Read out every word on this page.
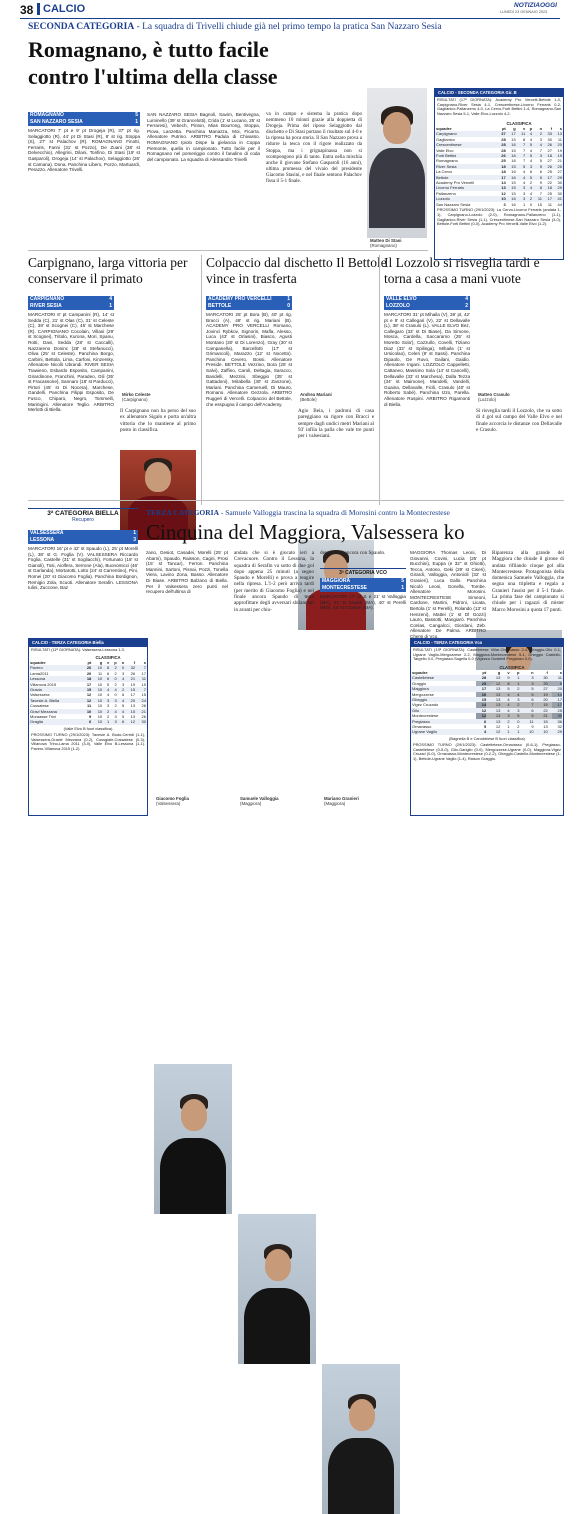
38 CALCIO	NOTIZIAOGGI
LUNEDÌ 23 GENNAIO 2023
SECONDA CATEGORIA - La squadra di Trivelli chiude già nel primo tempo la pratica San Nazzaro Sesia
Romagnano, è tutto facile
contro l'ultima della classe
ROMAGNANO	5
SAN NAZZARO SESIA	1
MARCATORI 7' pt e 9' pt Drogeja (R), 37' pt rig. Selaggiotto (R), 44' pt Di Stasi (R), 8' st rig. Stoppa (S), 27' st Palachov (R). ROMAGNANO Finotti, Ferraris, Fanni (31' st Pozzo), De Zuani (38' st Delvecchio), Allegrini, Dilani, Tonfino, Di Stasi (19' st Gasparoli), Drogeja (14' st Palachov), Selaggiotto (26' st Camana). Dona. Panchina Libero, Pozzo, Martuardi, Perazzo. Allenatore Trivelli.
SAN NAZZARO SESIA Bagnoli, Savim, Bentivegna, Luminello (39' st Grancelotti), Crida (1' st Lucano, 25' st Ferraresi), Vebech, Pinton, Mias Bourrong, Stoppa, Piova, Lanzetta. Panchina Manazza, Moi, Ficarra. Allenatore Putrino. ARBITRO Padula di Chivasso. ROMAGNANO Ipiolo Dispe la gielancia in Coppa Piemonte, quella in campionato. Tutto facile per il Romagnano nel pomeriggio contro il fanalino di coda del campionato. La squadra di Alessandro Trivelli
va in campo e sistema la pratica dopo nemmeno 10 minuti grazie alla doppietta di Drogeja. Prima del riposo Selaggiotto dal dischetto e Di Stasi portano il risultato sul 4-0 e la ripresa ha poca storia. Il San Nazzaro prova a ridurre la tesca con il rigore realizzato da Stoppa, ma i grignapinassa non si scompongono più di tanto. Entra nella mischia anche il giovane Stefano Gasparoli (16 anni), ultima promessa del vivaio del presidente Giacomo Stasini, e nel finale sentono Palachov fissa il 5-1 finale.
Matteo Di Stasi
(Romagnano)
CALCIO - SECONDA CATEGORIA Gir. B
RISULTATI (17ª GIORNATA): Academy Pro Vercelli-Bettole 1-0, Carpignano-River Sesia 4-1, Crescentinese-Livorno Ferraris 0-2, Gaglianico-Pallanzeno 4-0, La Cervo-Forti Bettini 1-4, Romagnano-San Nazzaro Sesia 5-1, Valle Elvo-Lozzolo 4-2.
CLASSIFICA
squadre	pt	g	v	p	n	f	s
Carpignano	37	17	11	4	2	33	13
Gaglianico	28	15	8	4	3	30	11
Crescentinese	28	16	7	5	4	26	20
Valle Elvo	28	15	7	4	7	27	19
Forti Bettini	26	16	7	5	3	18	19
Romagnano	25	16	7	4	5	27	21
River Sesia	18	15	5	3	5	26	25
La Cervo	18	16	4	6	6	25	27
Bettole	17	16	4	5	5	17	29
Academy Pro Vercelli	14	15	4	2	9	22	30
Livorno Ferraris	13	15	3	4	8	18	29
Pallanzeno	12	15	3	4	7	25	30
Lozzolo	10	16	3	2	11	17	41
San Nazzaro Sesia	3	16	1	0	15	11	44
PROSSIMO TURNO (29/1/2023): La Cervo-Livorno Ferraris (andata 1-1), Carpignano-Lozzolo (2-0), Romagnano-Pallanzeno (1-1), Gaglianico-River Sesia (1-1), Crescentinese-San Nazzaro Sesia (3-0), Bettole-Forti Bettini (0-0), Academy Pro Vercelli-Valle Elvo (1-2).
Carpignano, larga vittoria per conservare il primato
CARPIGNANO	4
RIVER SESIA	1
MARCATORI 8' pt Campanini (R), 14' st Sedda (C), 21' st Olas (C), 31' st Celeste (C), 38' st Scognei (C), 45' st Marchese (R). CARPIGNANO Cocolain, Villani (29' st Scognei), Tritolo, Kurona, Mori, Spanu, Rotti, Davi, Sedda (28' st Caccalli), Nazzareno Doninc (28' st Stefanucci), Oliva (25' st Celeste). Panchina Borgo, Carbini, Bettola, Lima, Carfoni, Kinzersky. Allenatore Nicolò Ubrandi. RIVER SESIA Trawieno, Esbardo Esposito, Campanini, Girardinone, Franchini, Paradeo, Gili (35' st Fracassone), Sannaro (18' st Parducci), Pirtori (45' st Di Nocera), Marchese, Gandelli. Panchina Filippi Esposito, De Fusco, Chiparo, Negro, Tommelli, Marinigini. Allenatore Teglio. ARBITRO Merlotti di Biella.
Mirko Celeste
(Carpignano)
Il Carpignano non ha perso del suo ex allenatore Sigalo e porta un'altra vittoria che lo mantiene al primo posto in classifica.
Colpaccio dal dischetto Il Bettole vince in trasferta
ACADEMY PRO VERCELLI	1
BETTOLE	0
MARCATORI 25' pt Bora (B), 40' pt rig. Bracci (A), 48' st rig. Mariani (B). ACADEMY PRO VERCELLI Romano, Jovinci Rybkov, Signorin, Mafla, Alesso, Luca (43' st Orlasini), Biasco, Agusti Montano (30' st Di Lorenzo), Gray (30' st Campanella), Barcellotti (17' st Grimancoli), Marazzo (12' st Nocetto). Panchina Cevero, Bossi. Allenatore Preside. BETTOLE Vezzino, Bora (25' st Salvi), Zaffino, Caroli, Deltagia, Saracco, Bandelli, Mezzini, Sbeggio (35' st Gattadoni), Mirabella (30' st Zanzone), Mariani. Panchina Cameruell, Di Mauro, Romano. Allenatore Gezzola. ARBITRO Ruggeri di Vercelli. Colpaccio del Bettole, che esspugna il campo dell'Academy.
Andrea Mariani
(Bettole)
Agio Beia, i padroni di casa pareggiano su rigore con Bracci e sempre dagli undici metri Mariani al 93' infila la palla che vale tre punti per i valsesiani.
Il Lozzolo si risveglia tardi e torna a casa a mani vuote
VALLE ELVO	4
LOZZOLO	2
MARCATORI 31' pt Mihaila (V), 36' pt, 42' pt e 8' st Callegari (V), 22' st Dellavalle (L), 38' st Crasulo (L). VALLE ELVO Bez, Callegaro (33' st Di Biase), Da Simone, Mosca, Cardella, Saccaramo (25' st Moretto Sola'), Cazzullo, Covelli, Tiziano Diaz (33' st Spilinga), Mihaila (1' st Ursicolao), Celeri (9' st Sassi). Panchina Dipaolo, De Ruvo, Gailani, Gaidio. Allenatore Ingani. LOZZOLO Cappelletti, Cattaneo, Massimo Sola (14' st Cancelli), Dellavalle (33' st Marchesa), Dalla Tezza (34' st Maimone), Mandelli, Vandelli, Guaina, Dellavalle, Ficili, Crasulo (40' st Roberto Sabé). Panchina Izzo, Parella. Allenatore Ruspini. ARBITRO Rigamonti di Biella.
Matteo Crasulo
(Lozzolo)
Si risveglia tardi il Lozzolo, che va sotto di 4 gol sul campo del Valle Elvo e nel finale accorcia le distanze con Dellavalle e Crasulo.
3ª CATEGORIA BIELLA
Recupero
VALSESSERA	1
LESSONA	3
MARCATORI 16' pt e 42' st Spaudo (L), 25' pt Morelli (L), 38' st G. Foglia (V). VALSESSERA Riccardo Foglia, Castelle (31' st Sogliacchi), Fortunato (18' st Gianoli), Tosi, Aiolfera, Serrone (Ala), Buonomicci (46' st Garlanda), Mortarotti, Lotto (24' st Carrentino), Pini, Romei (20' st Giacomo Foglia). Panchina Bordignon, Remigio Zola, Scuoti. Allenatore Serafin. LESSONA Iulini, Zuccone, Baz
TERZA CATEGORIA - Samuele Valloggia trascina la squadra di Morosini contro la Montecrestese
Cinquina del Maggiora, Valsessera ko
zano, Gesiot, Casadei, Morelli (25' pt Abarni), Spaudo, Raisson, Cagni, Prosi (15' st Tancar), Ferron. Panchina Mannini, Sartoni, Pisnai, Pozzi, Tonella Viera, Lavino Zona, Basso. Allenatore Di Biase. ARBITRO Balzano di Biella. Per il Valsessera zero punti nel recupero dell'ultima di
andata che si è giocato ieri a Crevacuore. Contro il Lessona, la squadra di Serafin va sotto di due gol dopo appena 25 minuti (a segno Spaudo e Morelli) e prova a reagire nella ripresa. L'1-2 però arriva tardi (per merito di Giacomo Foglia) e nel finale ancora Spaudo di testa approfittare degli avversari sbilanciati in avanti per chiu-
dere i conti ancora con Spaudo.
3ª CATEGORIA VCO
MAGGIORA	5
MONTECRESTESE	1
MARCATORI 17' pt S e 21' st Valloggia (MA), 31' st Girardi (MA), 40' st Perelli (MO), 44' st Granieri (MA).
MAGGIORA Thomas Leoni, Di Giovanni, Covini, Lucia (25' pt Bucchini), Euppa (e 32'' st Ghiotti), Tecca, Antono, Geki (29' st Ciseri), Girardi, Valloggia, Antonioli (32' st Granieri), Luca Gallo. Panchina Nicolò Leoni, Gonella, Tombe. Allenatore Morosini. MONTECRESTESE Simeoni, Cardone, Martini, Pidroni, Licata, Bertola (1' st Perelli), Rolando (13' st Henzeni), Mattei (1' st Dl Gozzi) Lauro, Bassotti, Mangiarò. Panchina Conlas, Cangalcci, Giordani, Zeb. Allenatore De Palma. ARBITRO Chersi di Vco.
Riparenza alla grande del Maggiora che chiude il girone di andata rifilando cinque gol alla Montecrestese. Protagonista della domenica Samuele Valloggia, che segna una tripletta e regala a Granieri l'assist per il 5-1 finale. La prima fase del campionato si chiude per i ragazzi di mister Marco Morosini a quota 17 punti.
CALCIO - TERZA CATEGORIA Biella
RISULTATI (11ª GIORNATA): Valsessera-Lessona 1-3.
CLASSIFICA
squadre	pt	g	v	p	n	f	s
Pavero	26	10	8	2	0	32	7
Lama2011	20	11	6	2	3	26	17
Lessona	18	10	6	0	4	21	11
Villanova 2015	17	10	5	2	3	19	15
Gravia	15	10	4	4	2	15	7
Valsessera	12	10	4	0	6	17	15
Tavesie A. Biella	12	10	3	3	4	20	24
Cossatese	11	10	3	2	5	13	26
Gravi Mezzana	10	10	2	4	4	15	21
Moraasse Trivi	9	10	2	3	5	13	26
Graglia	6	10	1	3	6	12	30
(Valle Elvo B fuori classifica)
PROSSIMO TURNO (29/1/2023): Tavesie A. Bodo-Cerridi (1-1), Valsessera-Graviè Mezzana (0-2), Cossgiale-Cossatese (0-3), Villanova Trino-Lama 2011 (3-0), Valle Elvo B-Lessona (1-1). Pavero-Villanova 2015 (1-2).
Giacomo Foglia
(Valsessera)
Samuele Valloggia
(Maggiora)
Mariano Granieri
(Maggiora)
CALCIO - TERZA CATEGORIA Vco
RISULTATI (13ª GIORNATA): Castelletese Villar-Ornavasso 2-4, Graggio-Gilo 0-1, Ugrane Vaglio-Mergozzese 2-2, Maggiora-Montecrestese 5-1, Gheggio Castello-Targello 0-0, Pregiasso-Sagella 0-0 (Vigezzo Gusteldi Pregiasso 0-0).
CLASSIFICA
squadre	pt	g	v	p	n	f	s
Castelletese	28	13	9	1	3	30	11
Graggio	25	12	8	1	3	20	9
Maggiora	17	13	5	2	5	27	20
Mergozzese	16	13	4	4	5	19	14
Gheggio	15	13	4	3	6	20	17
Vigez Cruzado	14	13	4	2	7	15	17
Gilo	12	13	4	3	6	22	25
Montecrestese	12	13	3	5	5	21	30
Pregiasso	6	13	2	0	11	15	36
Ornavasso	5	12	1	2	9	13	32
Ugrane Vaglio	4	12	1	1	10	10	29
(Bagnella B e Canobbiese B fuori classifica)
PROSSIMO TURNO (29/1/2023): Castelletese-Ornavasso (0-6-1), Pregiasso-Castelletese (0-5-0), Gilo-Gariglio (0-0), Mergozzese-Ugrane (0-0), Maggiora-Vigez Cruzad (0-0), Ornavasso-Montecrestese (0-2-2), Gheggio-Castello-Montecrestese (1-1), Bettole-Ugrane Vaglio (1-4), Raison Graggio.
